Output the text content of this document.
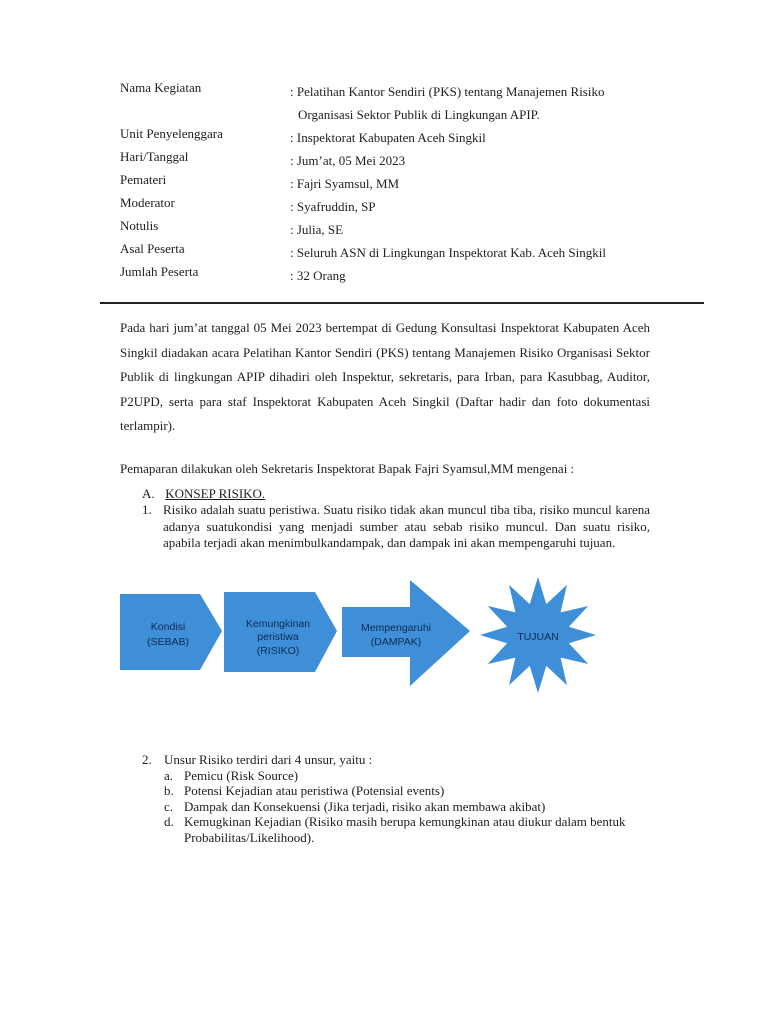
Nama Kegiatan	: Pelatihan Kantor Sendiri (PKS) tentang Manajemen Risiko
Organisasi Sektor Publik di Lingkungan APIP.
Unit Penyelenggara	: Inspektorat Kabupaten Aceh Singkil
Hari/Tanggal	: Jum’at, 05 Mei 2023
Pemateri	: Fajri Syamsul, MM
Moderator	: Syafruddin, SP
Notulis	: Julia, SE
Asal Peserta	: Seluruh ASN di Lingkungan Inspektorat Kab. Aceh Singkil
Jumlah Peserta	: 32 Orang
Pada hari jum’at tanggal 05 Mei 2023 bertempat di Gedung Konsultasi Inspektorat Kabupaten Aceh Singkil diadakan acara Pelatihan Kantor Sendiri (PKS) tentang Manajemen Risiko Organisasi Sektor Publik di lingkungan APIP dihadiri oleh Inspektur, sekretaris, para Irban, para Kasubbag, Auditor, P2UPD, serta para staf Inspektorat Kabupaten Aceh Singkil (Daftar hadir dan foto dokumentasi terlampir).
Pemaparan dilakukan oleh Sekretaris Inspektorat Bapak Fajri Syamsul,MM mengenai :
A. KONSEP RISIKO.
1. Risiko adalah suatu peristiwa. Suatu risiko tidak akan muncul tiba tiba, risiko muncul karena adanya suatukondisi yang menjadi sumber atau sebab risiko muncul. Dan suatu risiko, apabila terjadi akan menimbulkandampak, dan dampak ini akan mempengaruhi tujuan.
Kondisi
(SEBAB)
Kemungkinan
peristiwa
(RISIKO)
Mempengaruhi
(DAMPAK)	TUJUAN
2. Unsur Risiko terdiri dari 4 unsur, yaitu :
a. Pemicu (Risk Source)
b. Potensi Kejadian atau peristiwa (Potensial events)
c. Dampak dan Konsekuensi (Jika terjadi, risiko akan membawa akibat)
d. Kemugkinan Kejadian (Risiko masih berupa kemungkinan atau diukur dalam bentuk Probabilitas/Likelihood).
